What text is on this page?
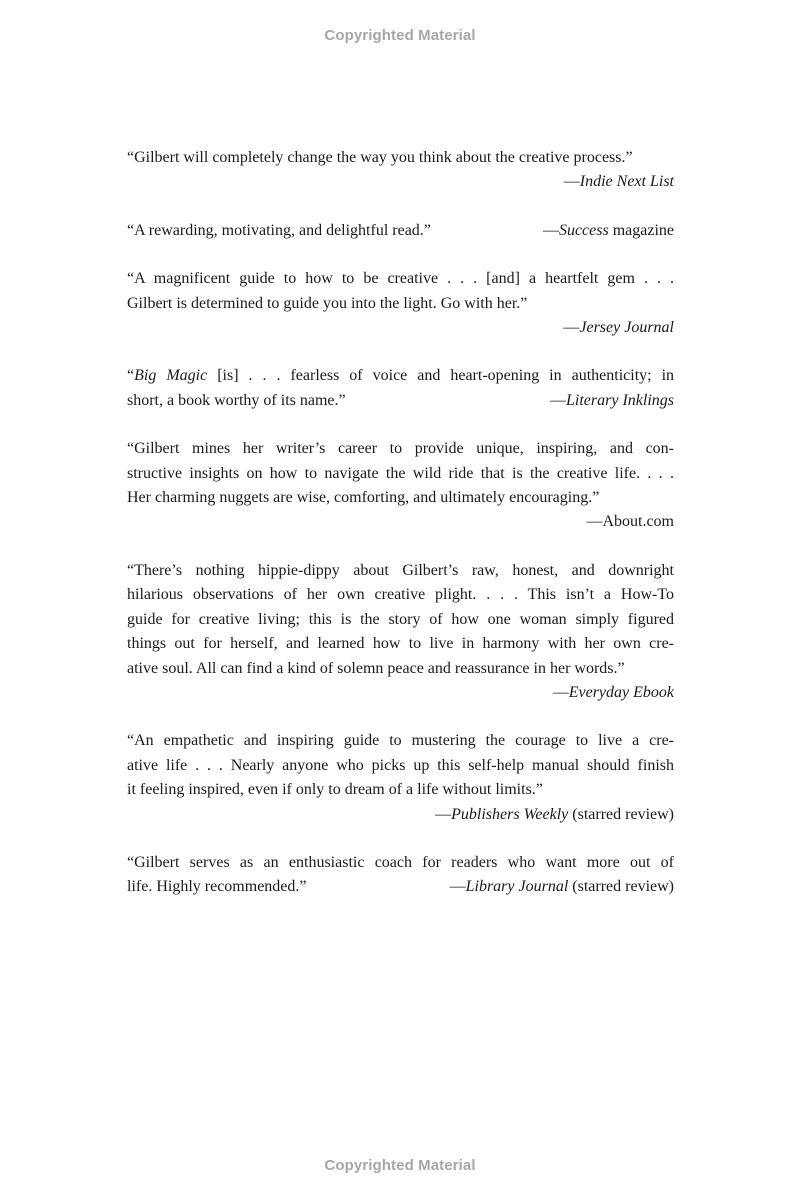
Copyrighted Material
“Gilbert will completely change the way you think about the creative process.”
—Indie Next List
“A rewarding, motivating, and delightful read.”	—Success magazine
“A magnificent guide to how to be creative . . . [and] a heartfelt gem . . .
Gilbert is determined to guide you into the light. Go with her.”
—Jersey Journal
“Big Magic [is] . . . fearless of voice and heart-opening in authenticity; in
short, a book worthy of its name.”	—Literary Inklings
“Gilbert mines her writer’s career to provide unique, inspiring, and con-
structive insights on how to navigate the wild ride that is the creative life. . . .
Her charming nuggets are wise, comforting, and ultimately encouraging.”
—About.com
“There’s nothing hippie-dippy about Gilbert’s raw, honest, and downright
hilarious observations of her own creative plight. . . . This isn’t a How-To
guide for creative living; this is the story of how one woman simply figured
things out for herself, and learned how to live in harmony with her own cre-
ative soul. All can find a kind of solemn peace and reassurance in her words.”
—Everyday Ebook
“An empathetic and inspiring guide to mustering the courage to live a cre-
ative life . . . Nearly anyone who picks up this self-help manual should finish
it feeling inspired, even if only to dream of a life without limits.”
—Publishers Weekly (starred review)
“Gilbert serves as an enthusiastic coach for readers who want more out of
life. Highly recommended.”	—Library Journal (starred review)
Copyrighted Material
